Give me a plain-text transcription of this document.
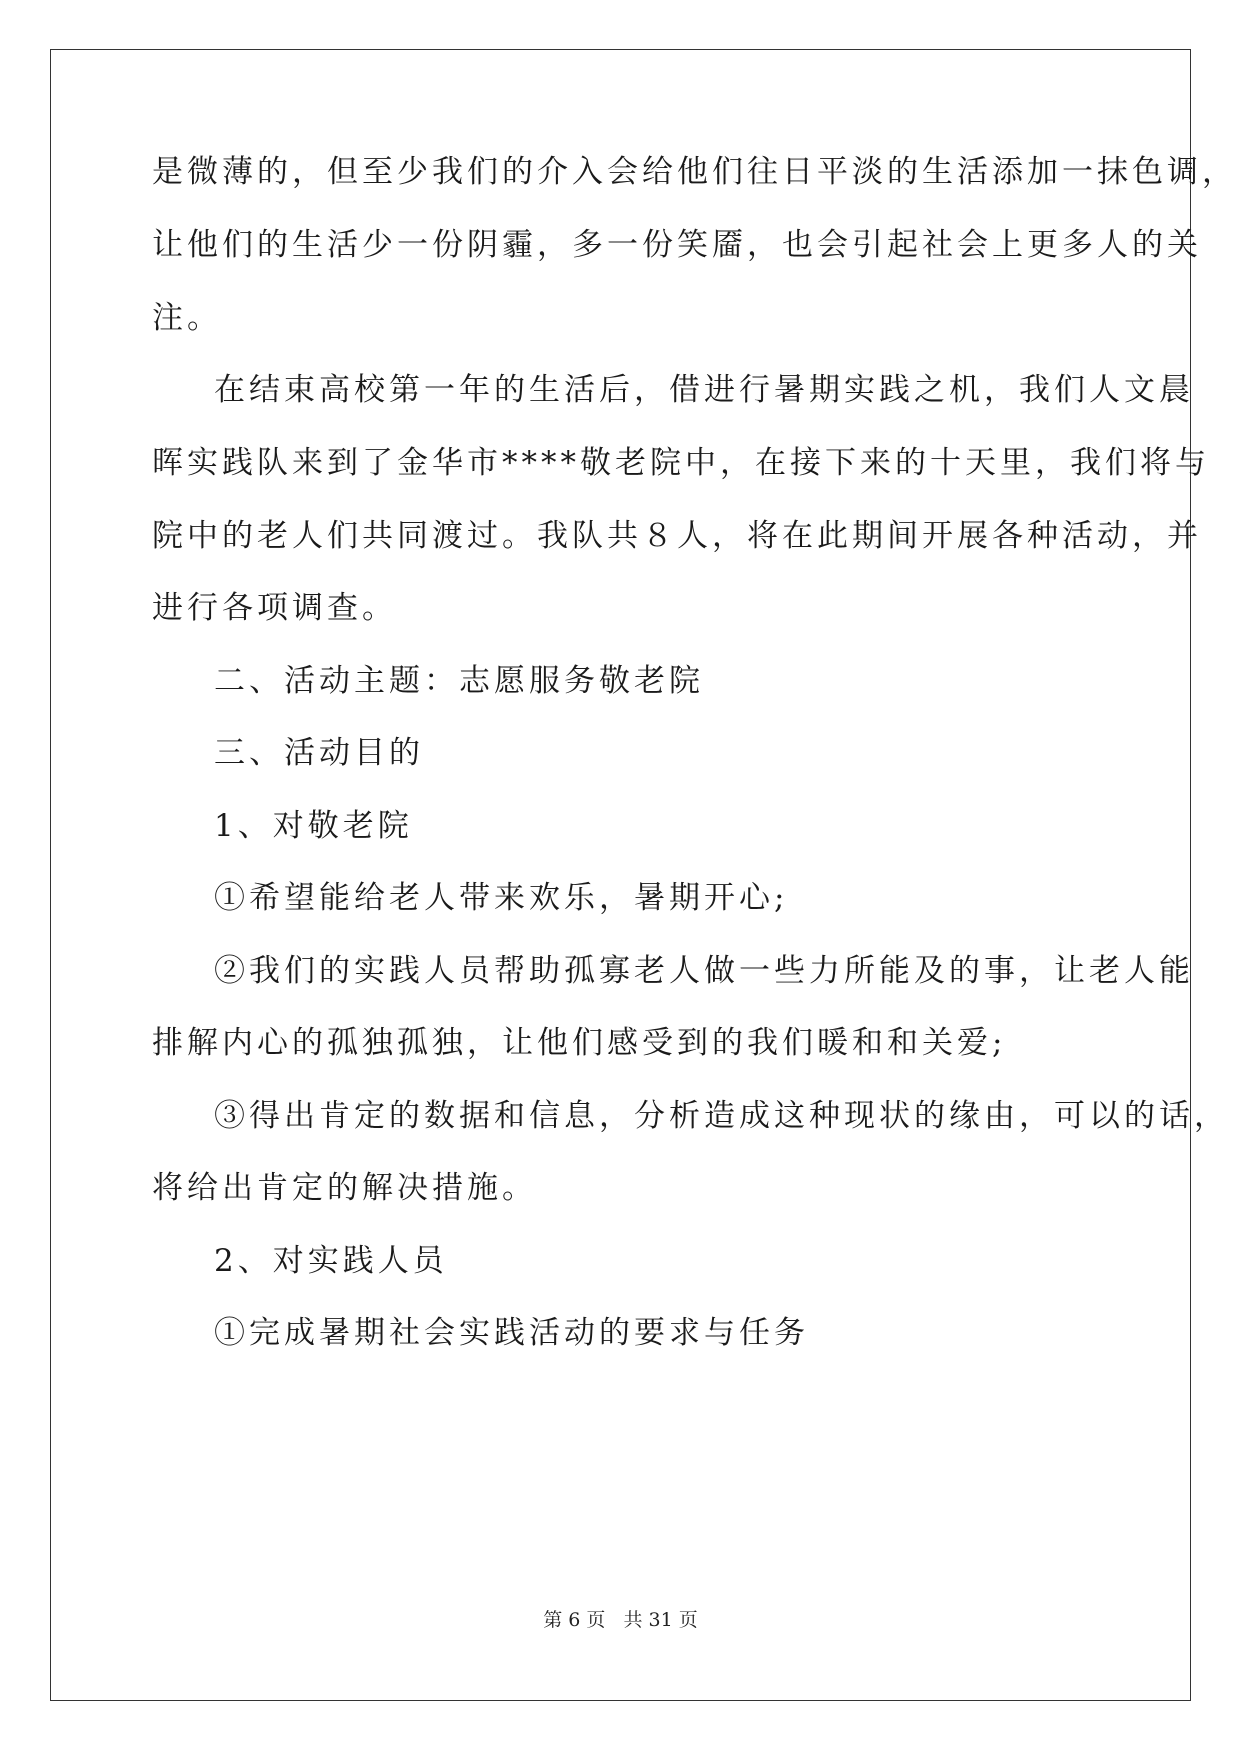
是微薄的，但至少我们的介入会给他们往日平淡的生活添加一抹色调，
让他们的生活少一份阴霾，多一份笑靥，也会引起社会上更多人的关
注。
在结束高校第一年的生活后，借进行暑期实践之机，我们人文晨
晖实践队来到了金华市****敬老院中，在接下来的十天里，我们将与
院中的老人们共同渡过。我队共８人，将在此期间开展各种活动，并
进行各项调查。
二、活动主题：志愿服务敬老院
三、活动目的
1、对敬老院
①希望能给老人带来欢乐，暑期开心;
②我们的实践人员帮助孤寡老人做一些力所能及的事，让老人能
排解内心的孤独孤独，让他们感受到的我们暖和和关爱;
③得出肯定的数据和信息，分析造成这种现状的缘由，可以的话，
将给出肯定的解决措施。
2、对实践人员
①完成暑期社会实践活动的要求与任务
第 6 页 共 31 页
